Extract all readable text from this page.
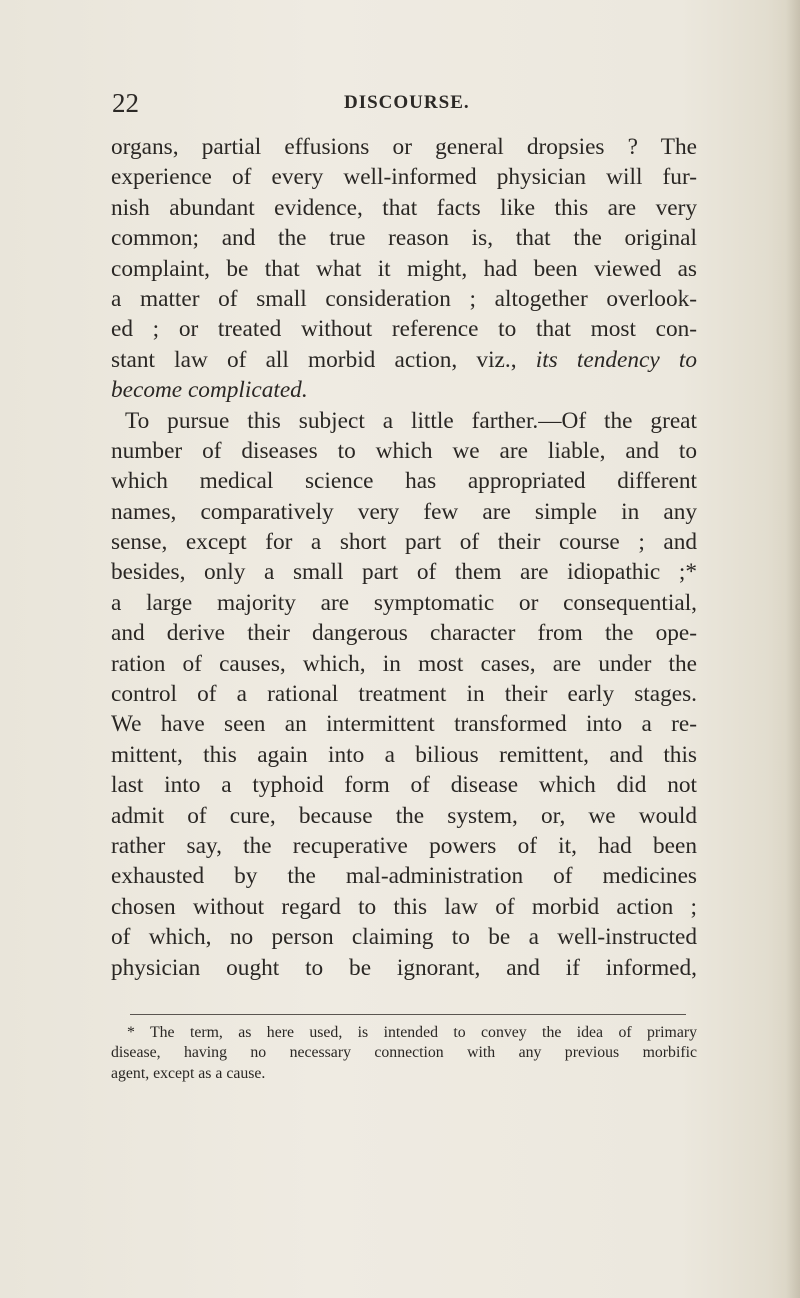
22	DISCOURSE.
organs, partial effusions or general dropsies ? The
experience of every well-informed physician will fur-
nish abundant evidence, that facts like this are very
common; and the true reason is, that the original
complaint, be that what it might, had been viewed as
a matter of small consideration ; altogether overlook-
ed ; or treated without reference to that most con-
stant law of all morbid action, viz., its tendency to
become complicated.
To pursue this subject a little farther.—Of the great
number of diseases to which we are liable, and to
which medical science has appropriated different
names, comparatively very few are simple in any
sense, except for a short part of their course ; and
besides, only a small part of them are idiopathic ;*
a large majority are symptomatic or consequential,
and derive their dangerous character from the ope-
ration of causes, which, in most cases, are under the
control of a rational treatment in their early stages.
We have seen an intermittent transformed into a re-
mittent, this again into a bilious remittent, and this
last into a typhoid form of disease which did not
admit of cure, because the system, or, we would
rather say, the recuperative powers of it, had been
exhausted by the mal-administration of medicines
chosen without regard to this law of morbid action ;
of which, no person claiming to be a well-instructed
physician ought to be ignorant, and if informed,
* The term, as here used, is intended to convey the idea of primary
disease, having no necessary connection with any previous morbific
agent, except as a cause.
